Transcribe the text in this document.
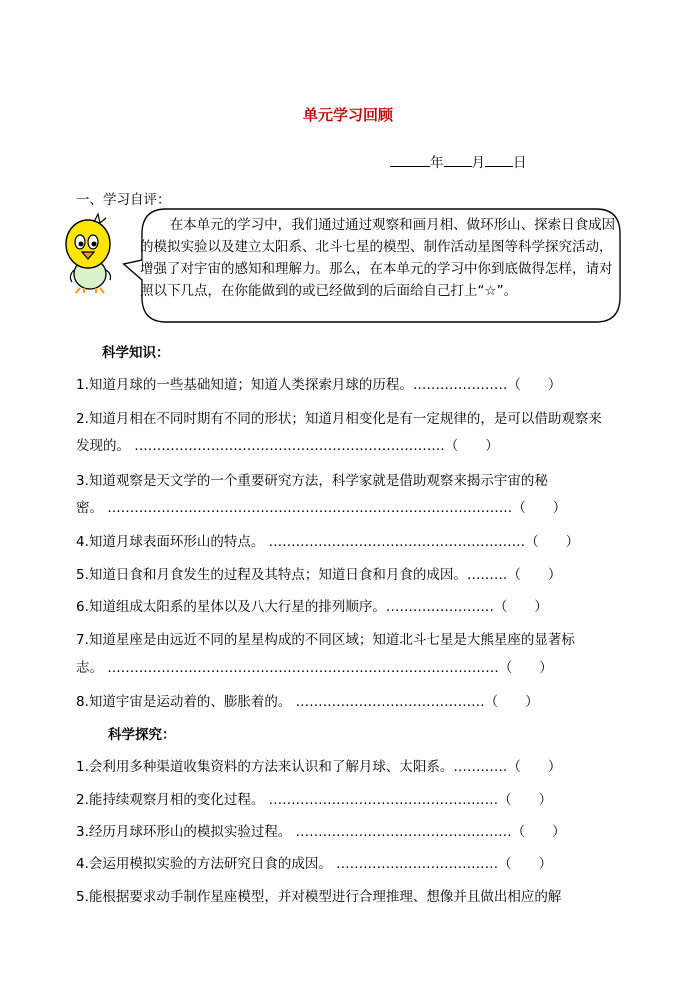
单元学习回顾
年 月 日
一、学习自评：

在本单元的学习中，我们通过通过观察和画月相、做环形山、探索日食成因的模拟实验以及建立太阳系、北斗七星的模型、制作活动星图等科学探究活动，增强了对宇宙的感知和理解力。那么，在本单元的学习中你到底做得怎样，请对照以下几点，在你能做到的或已经做到的后面给自己打上“☆”。

科学知识：
1.知道月球的一些基础知道；知道人类探索月球的历程。…………………（　　）
2.知道月相在不同时期有不同的形状；知道月相变化是有一定规律的，是可以借助观察来
发现的。 ……………………………………………………………（　　）
3.知道观察是天文学的一个重要研究方法，科学家就是借助观察来揭示宇宙的秘
密。 ………………………………………………………………………………（　　）
4.知道月球表面环形山的特点。 …………………………………………………（　　）
5.知道日食和月食发生的过程及其特点；知道日食和月食的成因。………（　　）
6.知道组成太阳系的星体以及八大行星的排列顺序。……………………（　　）
7.知道星座是由远近不同的星星构成的不同区域；知道北斗七星是大熊星座的显著标
志。 ……………………………………………………………………………（　　）
8.知道宇宙是运动着的、膨胀着的。 ……………………………………（　　）
科学探究：
1.会利用多种渠道收集资料的方法来认识和了解月球、太阳系。…………（　　）
2.能持续观察月相的变化过程。 ……………………………………………（　　）
3.经历月球环形山的模拟实验过程。 …………………………………………（　　）
4.会运用模拟实验的方法研究日食的成因。 ………………………………（　　）
5.能根据要求动手制作星座模型，并对模型进行合理推理、想像并且做出相应的解
